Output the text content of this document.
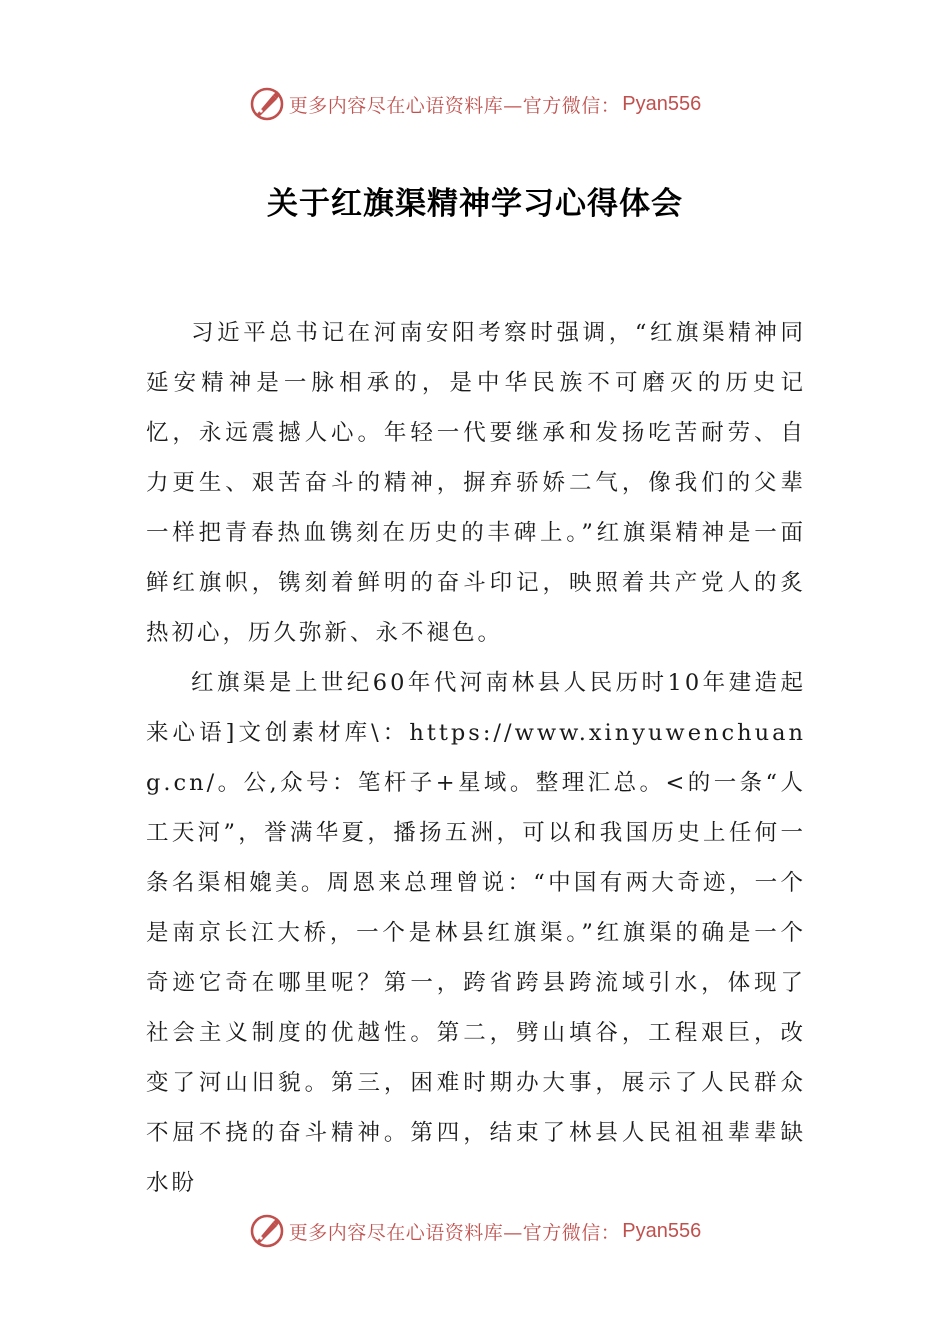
更多内容尽在心语资料库—官方微信： Pyan556
关于红旗渠精神学习心得体会

习近平总书记在河南安阳考察时强调，“红旗渠精神同延安精神是一脉相承的，是中华民族不可磨灭的历史记忆，永远震撼人心。年轻一代要继承和发扬吃苦耐劳、自力更生、艰苦奋斗的精神，摒弃骄娇二气，像我们的父辈一样把青春热血镌刻在历史的丰碑上。”红旗渠精神是一面鲜红旗帜，镌刻着鲜明的奋斗印记，映照着共产党人的炙热初心，历久弥新、永不褪色。

红旗渠是上世纪60年代河南林县人民历时10年建造起来心语]文创素材库\：https://www.xinyuwenchuang.cn/。公,众号：笔杆子+星域。整理汇总。<的一条“人工天河”，誉满华夏，播扬五洲，可以和我国历史上任何一条名渠相媲美。周恩来总理曾说：“中国有两大奇迹，一个是南京长江大桥，一个是林县红旗渠。”红旗渠的确是一个奇迹它奇在哪里呢？第一，跨省跨县跨流域引水，体现了社会主义制度的优越性。第二，劈山填谷，工程艰巨，改变了河山旧貌。第三，困难时期办大事，展示了人民群众不屈不挠的奋斗精神。第四，结束了林县人民祖祖辈辈缺水盼

更多内容尽在心语资料库—官方微信： Pyan556
